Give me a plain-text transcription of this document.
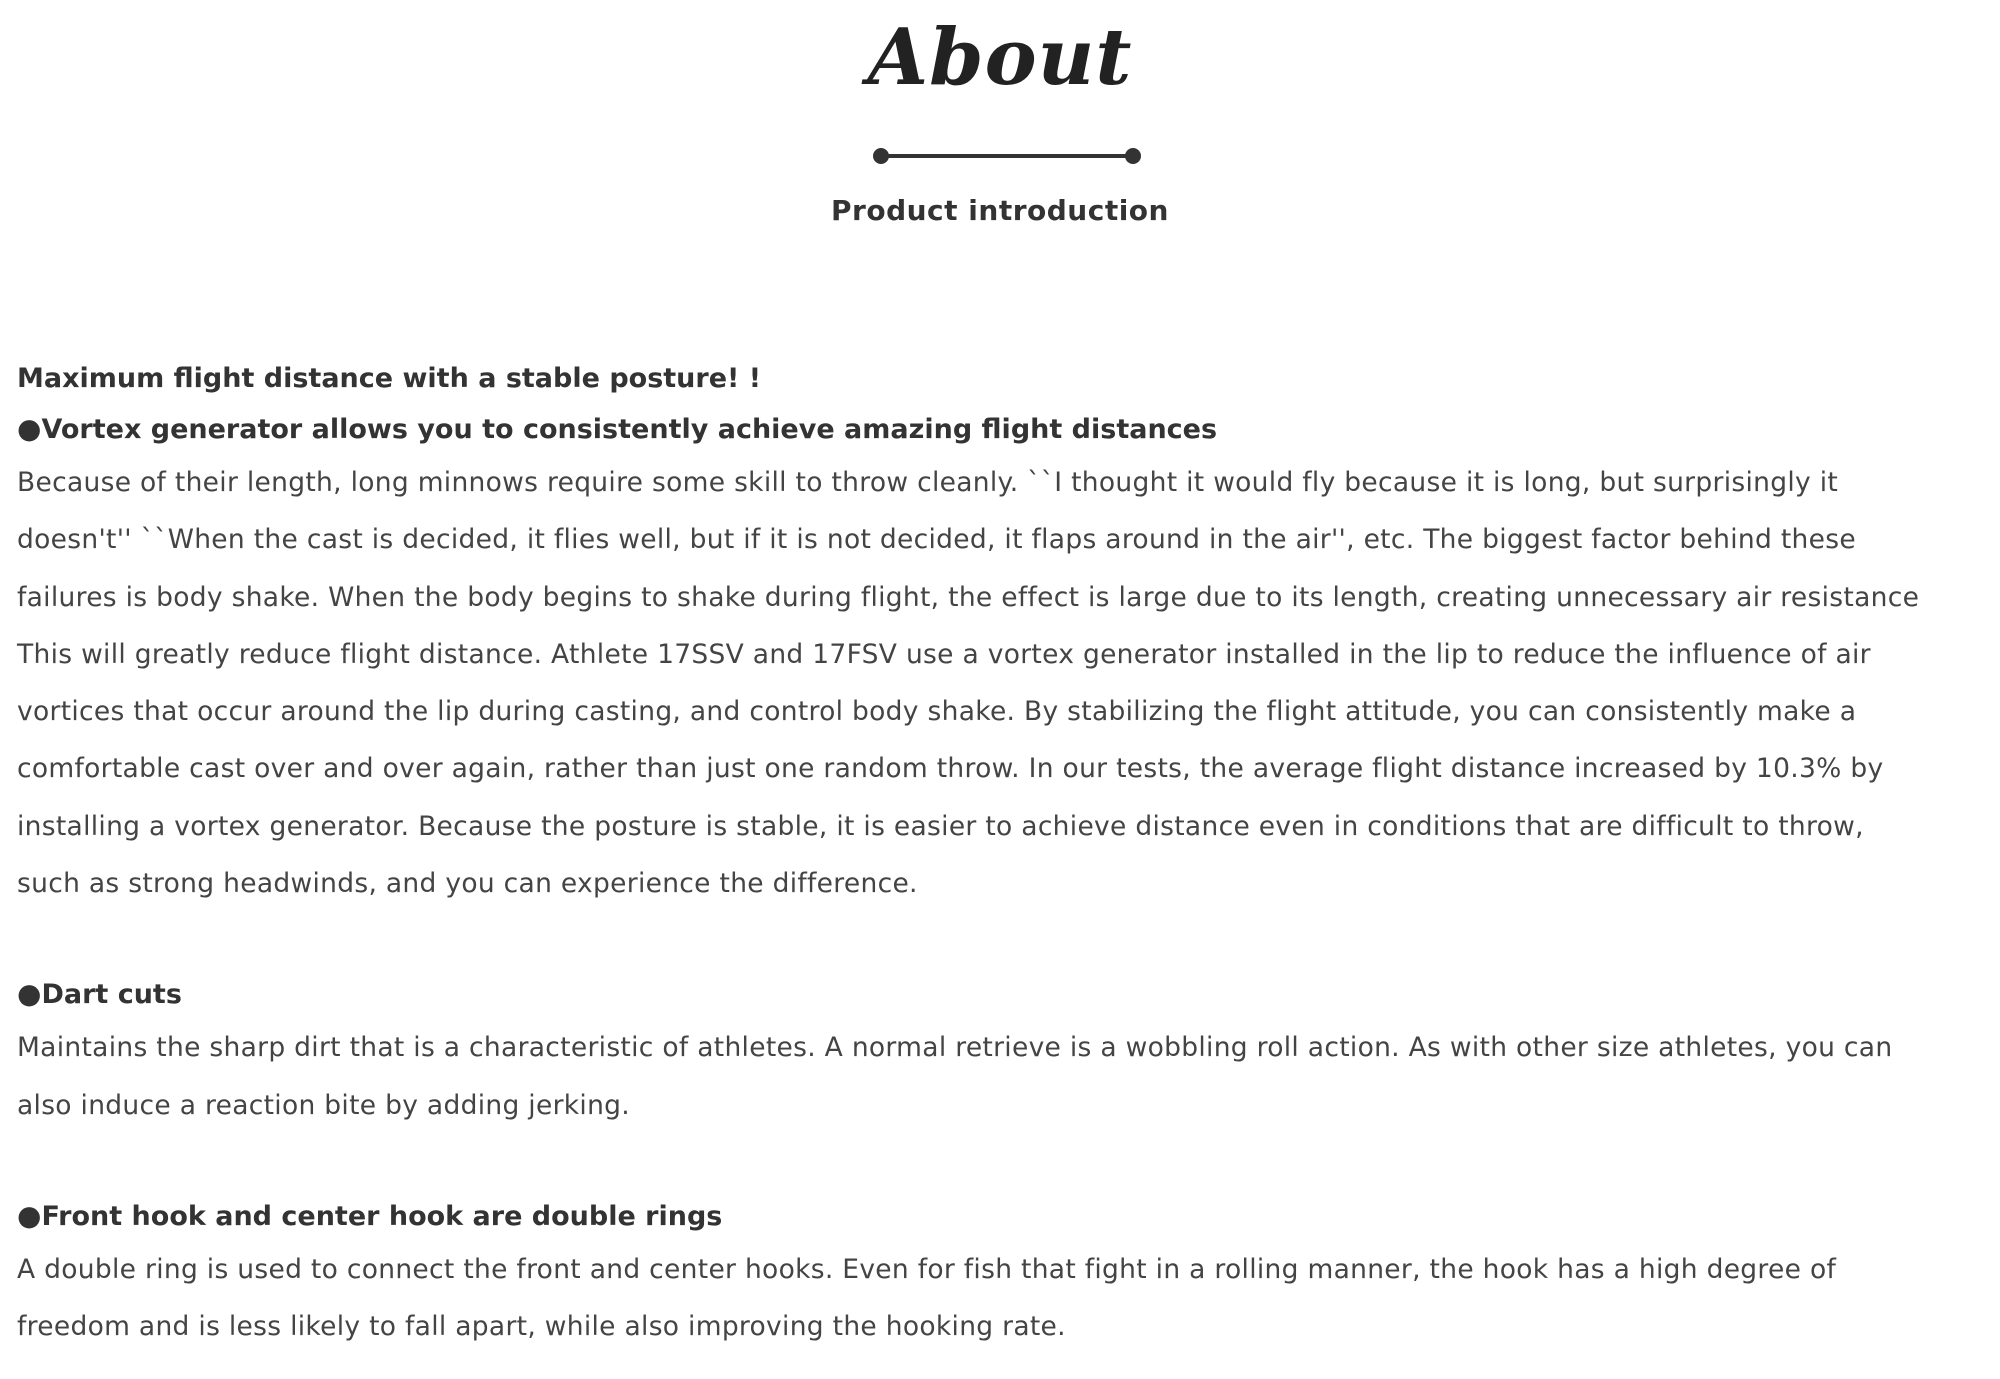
About
Product introduction
Maximum flight distance with a stable posture! !
●Vortex generator allows you to consistently achieve amazing flight distances
Because of their length, long minnows require some skill to throw cleanly. ``I thought it would fly because it is long, but surprisingly it
doesn't'' ``When the cast is decided, it flies well, but if it is not decided, it flaps around in the air'', etc. The biggest factor behind these
failures is body shake. When the body begins to shake during flight, the effect is large due to its length, creating unnecessary air resistance
This will greatly reduce flight distance. Athlete 17SSV and 17FSV use a vortex generator installed in the lip to reduce the influence of air
vortices that occur around the lip during casting, and control body shake. By stabilizing the flight attitude, you can consistently make a
comfortable cast over and over again, rather than just one random throw. In our tests, the average flight distance increased by 10.3% by
installing a vortex generator. Because the posture is stable, it is easier to achieve distance even in conditions that are difficult to throw,
such as strong headwinds, and you can experience the difference.
●Dart cuts
Maintains the sharp dirt that is a characteristic of athletes. A normal retrieve is a wobbling roll action. As with other size athletes, you can
also induce a reaction bite by adding jerking.
●Front hook and center hook are double rings
A double ring is used to connect the front and center hooks. Even for fish that fight in a rolling manner, the hook has a high degree of
freedom and is less likely to fall apart, while also improving the hooking rate.
